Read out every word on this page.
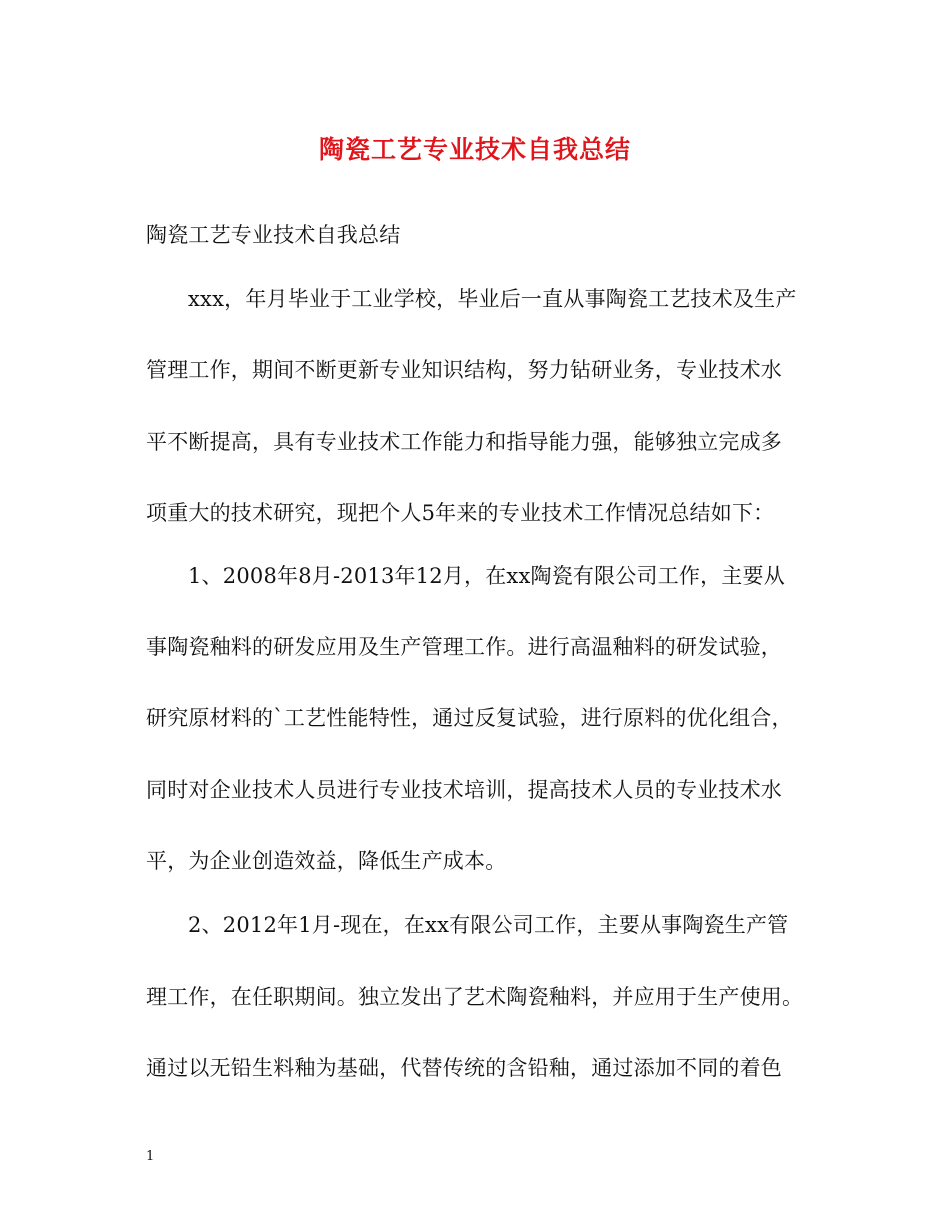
陶瓷工艺专业技术自我总结
陶瓷工艺专业技术自我总结
xxx，年月毕业于工业学校，毕业后一直从事陶瓷工艺技术及生产
管理工作，期间不断更新专业知识结构，努力钻研业务，专业技术水
平不断提高，具有专业技术工作能力和指导能力强，能够独立完成多
项重大的技术研究，现把个人5年来的专业技术工作情况总结如下：
1、2008年8月-2013年12月，在xx陶瓷有限公司工作，主要从
事陶瓷釉料的研发应用及生产管理工作。进行高温釉料的研发试验，
研究原材料的`工艺性能特性，通过反复试验，进行原料的优化组合，
同时对企业技术人员进行专业技术培训，提高技术人员的专业技术水
平，为企业创造效益，降低生产成本。
2、2012年1月-现在，在xx有限公司工作，主要从事陶瓷生产管
理工作，在任职期间。独立发出了艺术陶瓷釉料，并应用于生产使用。
通过以无铅生料釉为基础，代替传统的含铅釉，通过添加不同的着色
1
